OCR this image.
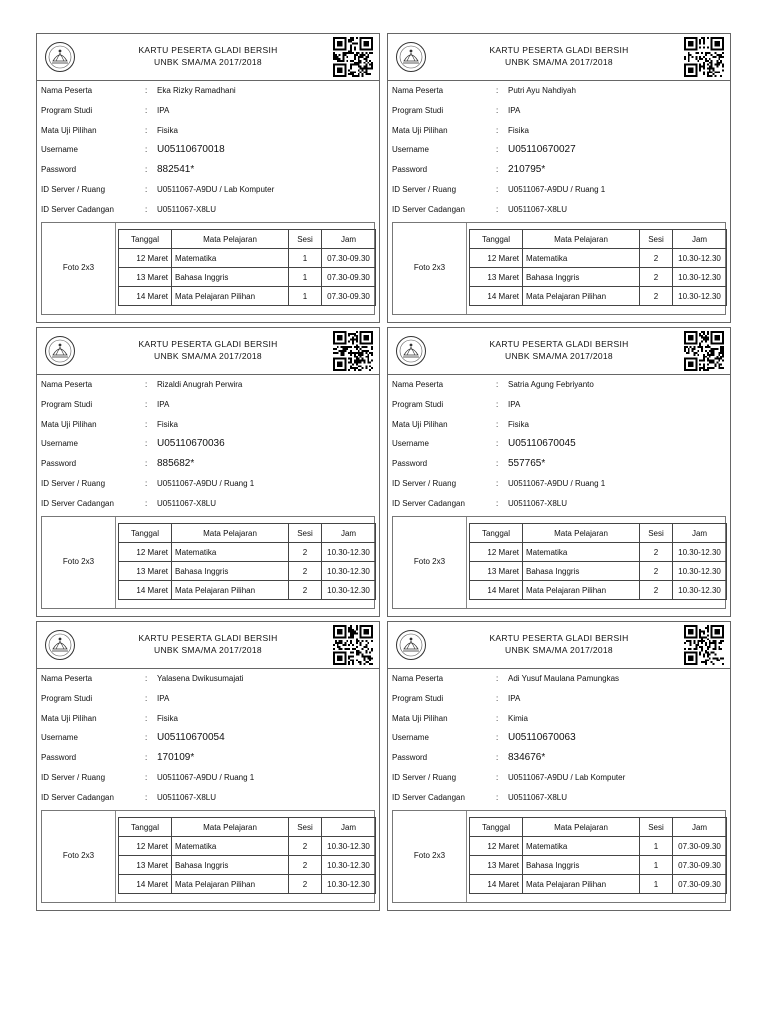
KARTU PESERTA GLADI BERSIH
UNBK SMA/MA 2017/2018
Nama Peserta	: Eka Rizky Ramadhani
Program Studi	: IPA
Mata Uji Pilihan	: Fisika
Username	: U05110670018
Password	: 882541*
ID Server / Ruang	: U0511067-A9DU / Lab Komputer
ID Server Cadangan	: U0511067-X8LU
Foto 2x3
Tanggal	Mata Pelajaran	Sesi	Jam
12 Maret	Matematika	1	07.30-09.30
13 Maret	Bahasa Inggris	1	07.30-09.30
14 Maret	Mata Pelajaran Pilihan	1	07.30-09.30
KARTU PESERTA GLADI BERSIH
UNBK SMA/MA 2017/2018
Nama Peserta	: Putri Ayu Nahdiyah
Program Studi	: IPA
Mata Uji Pilihan	: Fisika
Username	: U05110670027
Password	: 210795*
ID Server / Ruang	: U0511067-A9DU / Ruang 1
ID Server Cadangan	: U0511067-X8LU
Foto 2x3
Tanggal	Mata Pelajaran	Sesi	Jam
12 Maret	Matematika	2	10.30-12.30
13 Maret	Bahasa Inggris	2	10.30-12.30
14 Maret	Mata Pelajaran Pilihan	2	10.30-12.30
KARTU PESERTA GLADI BERSIH
UNBK SMA/MA 2017/2018
Nama Peserta	: Rizaldi Anugrah Perwira
Program Studi	: IPA
Mata Uji Pilihan	: Fisika
Username	: U05110670036
Password	: 885682*
ID Server / Ruang	: U0511067-A9DU / Ruang 1
ID Server Cadangan	: U0511067-X8LU
Foto 2x3
Tanggal	Mata Pelajaran	Sesi	Jam
12 Maret	Matematika	2	10.30-12.30
13 Maret	Bahasa Inggris	2	10.30-12.30
14 Maret	Mata Pelajaran Pilihan	2	10.30-12.30
KARTU PESERTA GLADI BERSIH
UNBK SMA/MA 2017/2018
Nama Peserta	: Satria Agung Febriyanto
Program Studi	: IPA
Mata Uji Pilihan	: Fisika
Username	: U05110670045
Password	: 557765*
ID Server / Ruang	: U0511067-A9DU / Ruang 1
ID Server Cadangan	: U0511067-X8LU
Foto 2x3
Tanggal	Mata Pelajaran	Sesi	Jam
12 Maret	Matematika	2	10.30-12.30
13 Maret	Bahasa Inggris	2	10.30-12.30
14 Maret	Mata Pelajaran Pilihan	2	10.30-12.30
KARTU PESERTA GLADI BERSIH
UNBK SMA/MA 2017/2018
Nama Peserta	: Yalasena Dwikusumajati
Program Studi	: IPA
Mata Uji Pilihan	: Fisika
Username	: U05110670054
Password	: 170109*
ID Server / Ruang	: U0511067-A9DU / Ruang 1
ID Server Cadangan	: U0511067-X8LU
Foto 2x3
Tanggal	Mata Pelajaran	Sesi	Jam
12 Maret	Matematika	2	10.30-12.30
13 Maret	Bahasa Inggris	2	10.30-12.30
14 Maret	Mata Pelajaran Pilihan	2	10.30-12.30
KARTU PESERTA GLADI BERSIH
UNBK SMA/MA 2017/2018
Nama Peserta	: Adi Yusuf Maulana Pamungkas
Program Studi	: IPA
Mata Uji Pilihan	: Kimia
Username	: U05110670063
Password	: 834676*
ID Server / Ruang	: U0511067-A9DU / Lab Komputer
ID Server Cadangan	: U0511067-X8LU
Foto 2x3
Tanggal	Mata Pelajaran	Sesi	Jam
12 Maret	Matematika	1	07.30-09.30
13 Maret	Bahasa Inggris	1	07.30-09.30
14 Maret	Mata Pelajaran Pilihan	1	07.30-09.30
